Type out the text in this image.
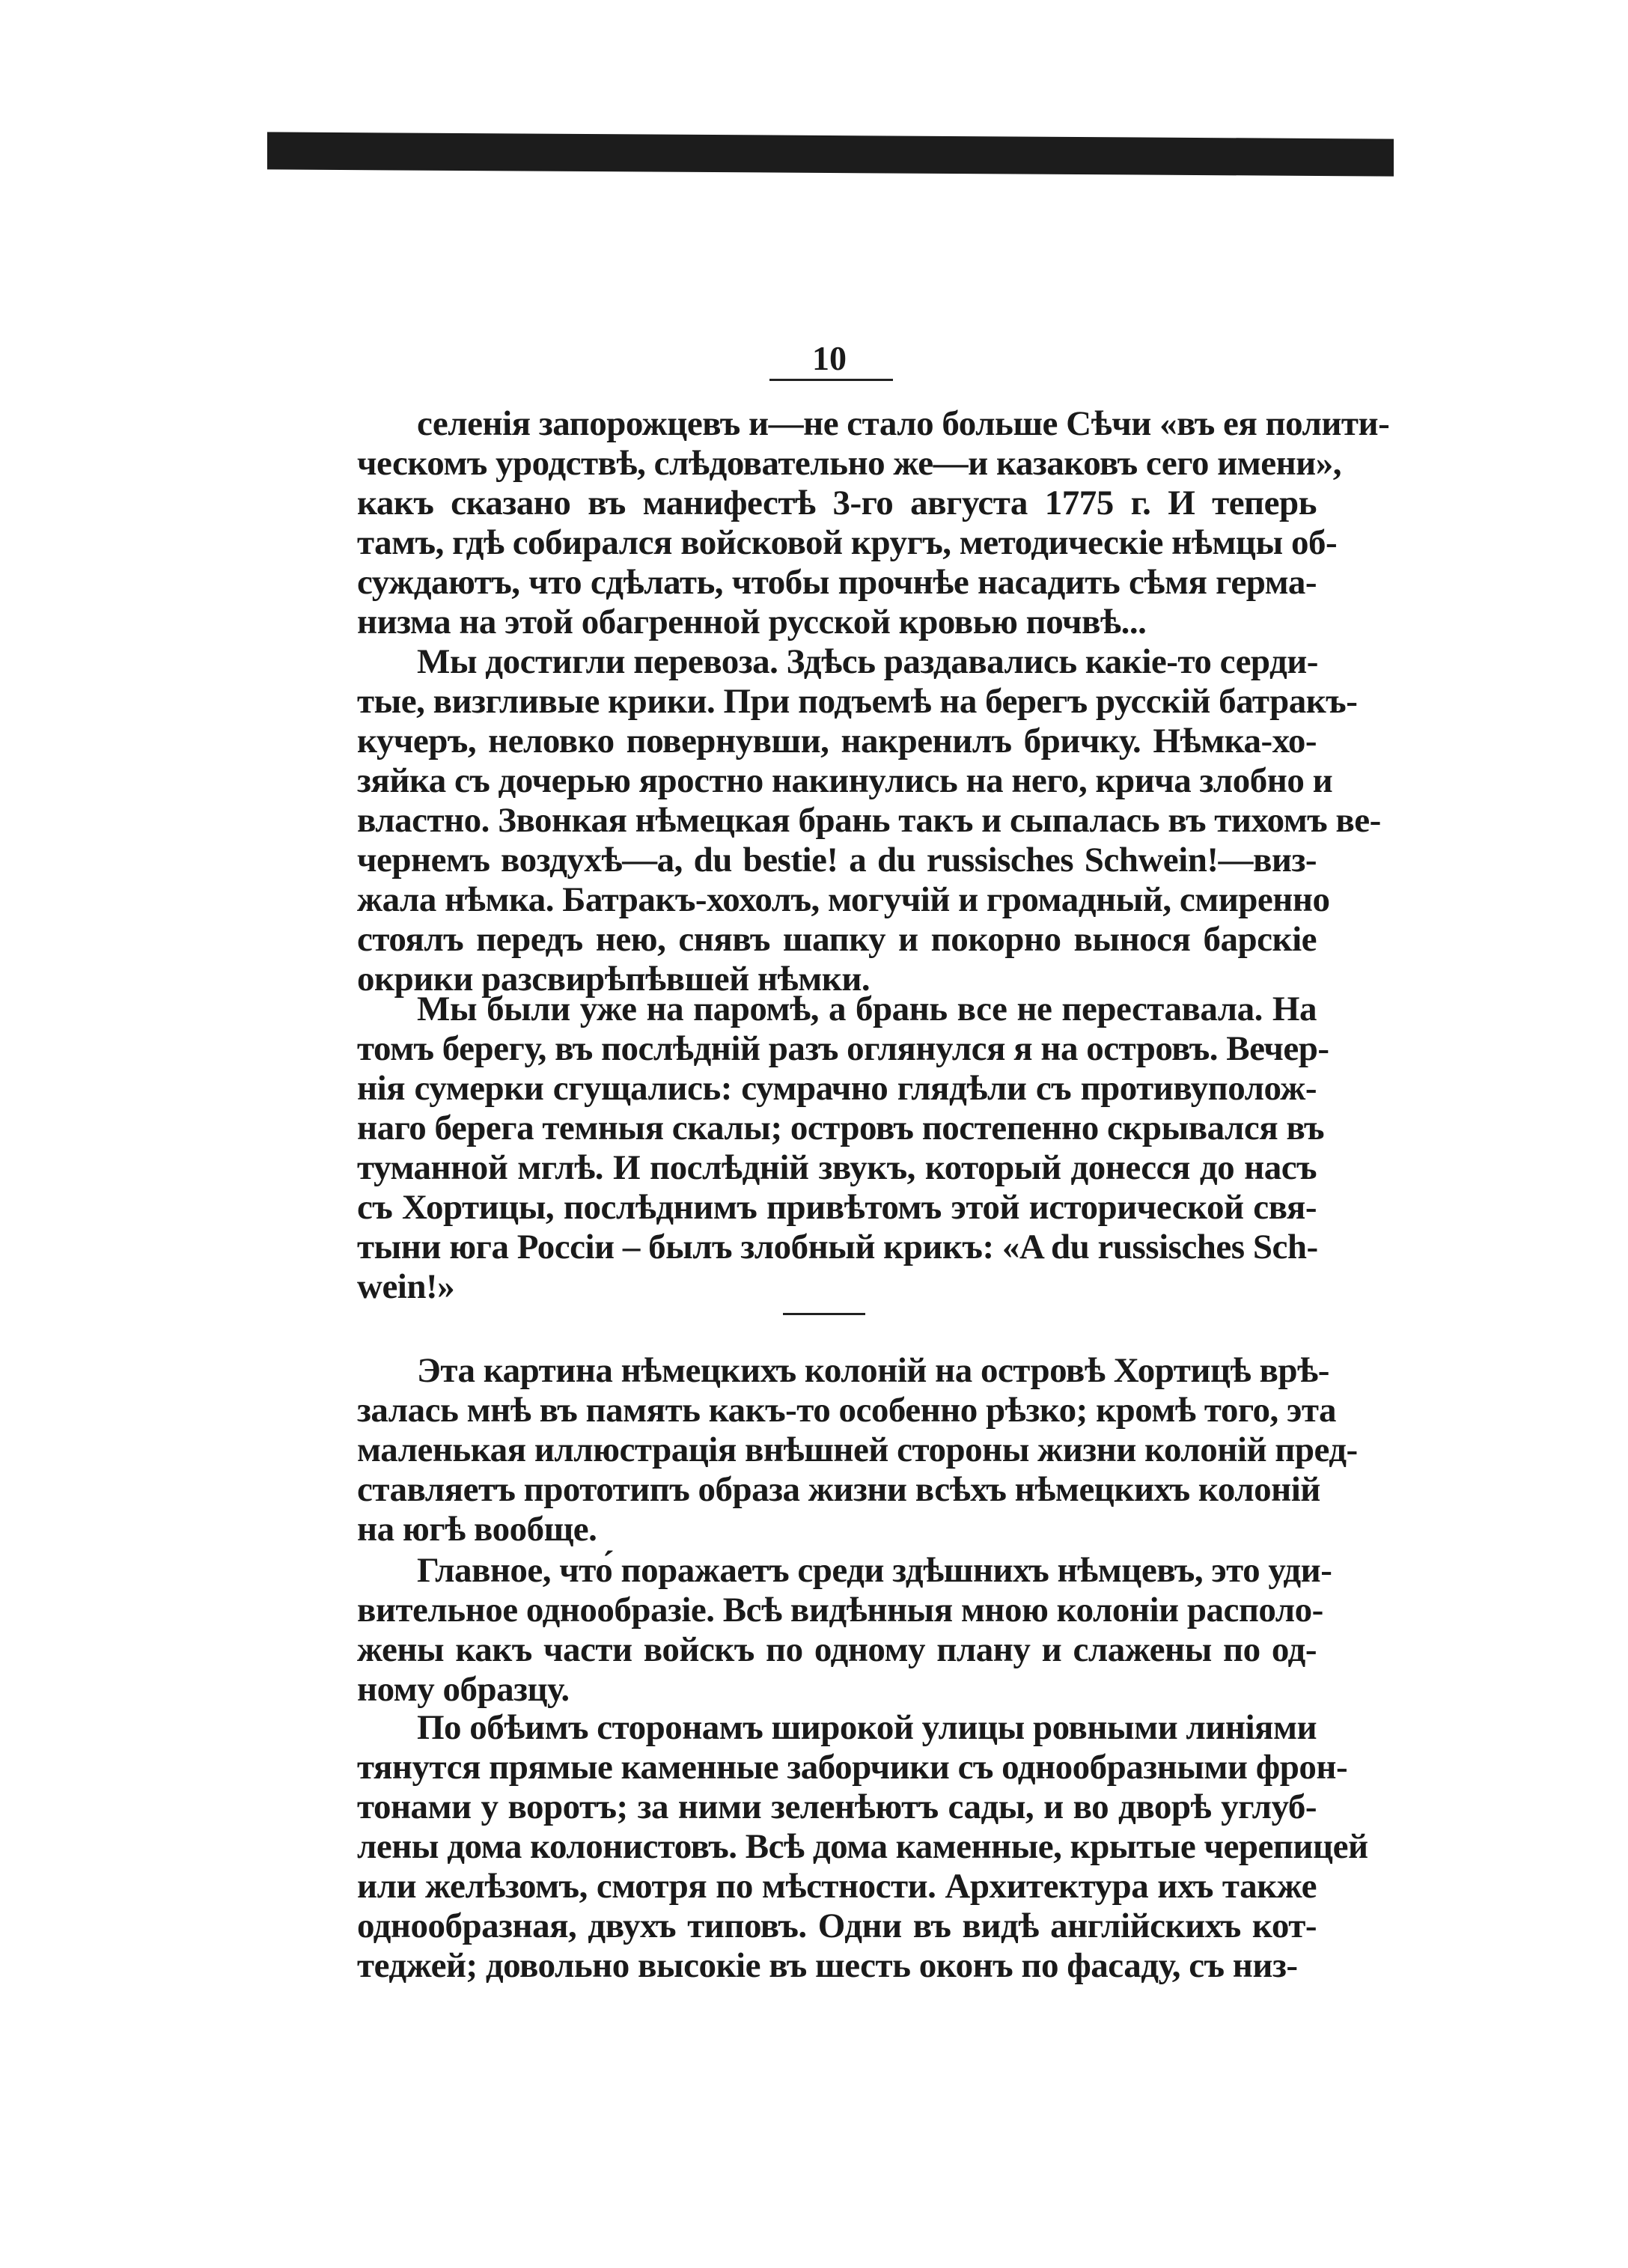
10
селенія запорожцевъ и—не стало больше Сѣчи «въ ея полити-
ческомъ уродствѣ, слѣдовательно же—и казаковъ сего имени»,
какъ сказано въ манифестѣ 3-го августа 1775 г. И теперь
тамъ, гдѣ собирался войсковой кругъ, методическіе нѣмцы об-
суждаютъ, что сдѣлать, чтобы прочнѣе насадить сѣмя герма-
низма на этой обагренной русской кровью почвѣ...
Мы достигли перевоза. Здѣсь раздавались какіе-то серди-
тые, визгливые крики. При подъемѣ на берегъ русскій батракъ-
кучеръ, неловко повернувши, накренилъ бричку. Нѣмка-хо-
зяйка съ дочерью яростно накинулись на него, крича злобно и
властно. Звонкая нѣмецкая брань такъ и сыпалась въ тихомъ ве-
чернемъ воздухѣ—a, du bestie! a du russisches Schwein!—виз-
жала нѣмка. Батракъ-хохолъ, могучій и громадный, смиренно
стоялъ передъ нею, снявъ шапку и покорно вынося барскіе
окрики разсвирѣпѣвшей нѣмки.
Мы были уже на паромѣ, а брань все не переставала. На
томъ берегу, въ послѣдній разъ оглянулся я на островъ. Вечер-
нія сумерки сгущались: сумрачно глядѣли съ противуполож-
наго берега темныя скалы; островъ постепенно скрывался въ
туманной мглѣ. И послѣдній звукъ, который донесся до насъ
съ Хортицы, послѣднимъ привѣтомъ этой исторической свя-
тыни юга Россіи – былъ злобный крикъ: «A du russisches Sch-
wein!»
Эта картина нѣмецкихъ колоній на островѣ Хортицѣ врѣ-
залась мнѣ въ память какъ-то особенно рѣзко; кромѣ того, эта
маленькая иллюстрація внѣшней стороны жизни колоній пред-
ставляетъ прототипъ образа жизни всѣхъ нѣмецкихъ колоній
на югѣ вообще.
Главное, что́ поражаетъ среди здѣшнихъ нѣмцевъ, это уди-
вительное однообразіе. Всѣ видѣнныя мною колоніи располо-
жены какъ части войскъ по одному плану и слажены по од-
ному образцу.
По обѣимъ сторонамъ широкой улицы ровными линіями
тянутся прямые каменные заборчики съ однообразными фрон-
тонами у воротъ; за ними зеленѣютъ сады, и во дворѣ углуб-
лены дома колонистовъ. Всѣ дома каменные, крытые черепицей
или желѣзомъ, смотря по мѣстности. Архитектура ихъ также
однообразная, двухъ типовъ. Одни въ видѣ англійскихъ кот-
теджей; довольно высокіе въ шесть оконъ по фасаду, съ низ-
